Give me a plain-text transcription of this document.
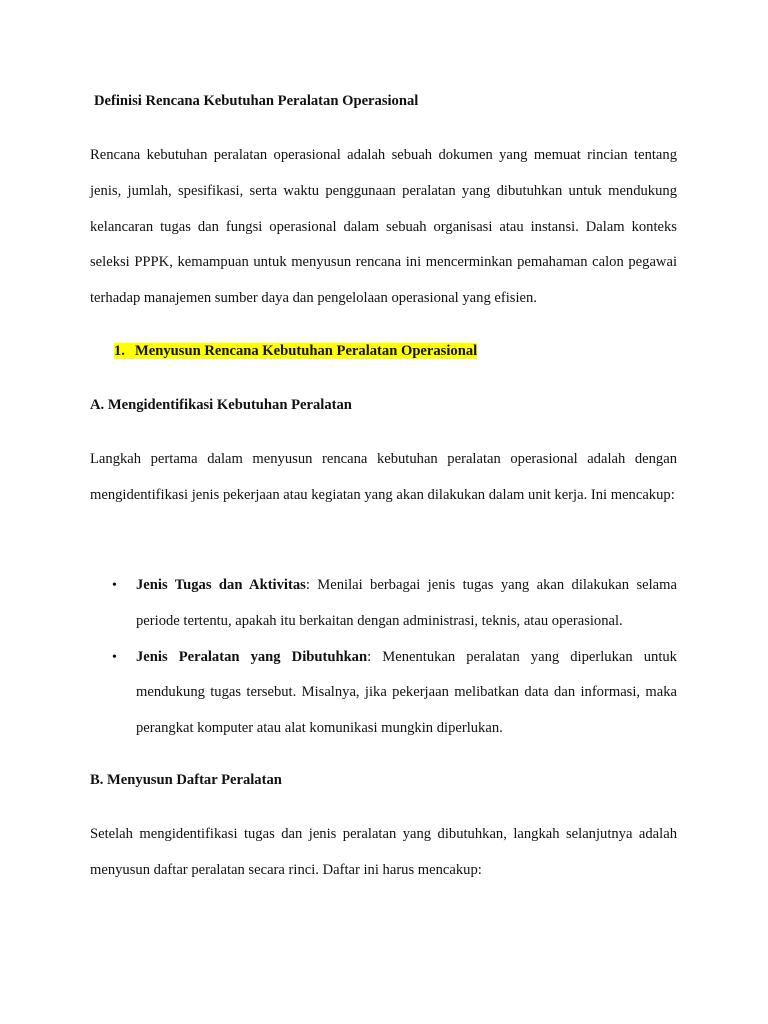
Definisi Rencana Kebutuhan Peralatan Operasional

Rencana kebutuhan peralatan operasional adalah sebuah dokumen yang memuat rincian tentang jenis, jumlah, spesifikasi, serta waktu penggunaan peralatan yang dibutuhkan untuk mendukung kelancaran tugas dan fungsi operasional dalam sebuah organisasi atau instansi. Dalam konteks seleksi PPPK, kemampuan untuk menyusun rencana ini mencerminkan pemahaman calon pegawai terhadap manajemen sumber daya dan pengelolaan operasional yang efisien.

1. Menyusun Rencana Kebutuhan Peralatan Operasional

A. Mengidentifikasi Kebutuhan Peralatan

Langkah pertama dalam menyusun rencana kebutuhan peralatan operasional adalah dengan mengidentifikasi jenis pekerjaan atau kegiatan yang akan dilakukan dalam unit kerja. Ini mencakup:

• Jenis Tugas dan Aktivitas: Menilai berbagai jenis tugas yang akan dilakukan selama periode tertentu, apakah itu berkaitan dengan administrasi, teknis, atau operasional.
• Jenis Peralatan yang Dibutuhkan: Menentukan peralatan yang diperlukan untuk mendukung tugas tersebut. Misalnya, jika pekerjaan melibatkan data dan informasi, maka perangkat komputer atau alat komunikasi mungkin diperlukan.
B. Menyusun Daftar Peralatan

Setelah mengidentifikasi tugas dan jenis peralatan yang dibutuhkan, langkah selanjutnya adalah menyusun daftar peralatan secara rinci. Daftar ini harus mencakup:
